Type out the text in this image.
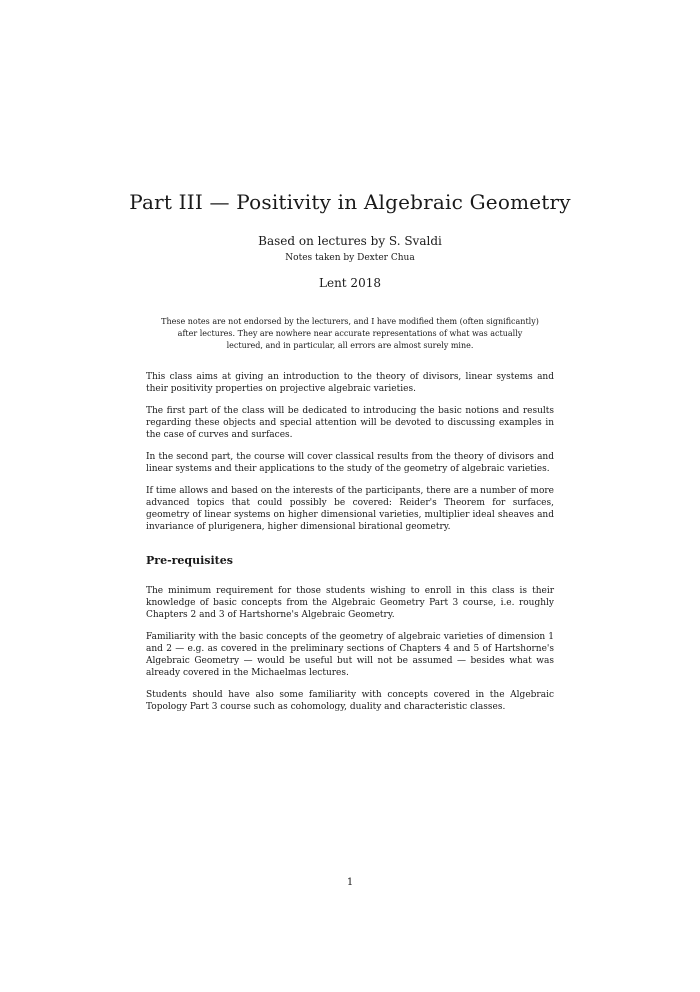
Part III — Positivity in Algebraic Geometry
Based on lectures by S. Svaldi
Notes taken by Dexter Chua
Lent 2018
These notes are not endorsed by the lecturers, and I have modified them (often significantly) after lectures. They are nowhere near accurate representations of what was actually lectured, and in particular, all errors are almost surely mine.

This class aims at giving an introduction to the theory of divisors, linear systems and their positivity properties on projective algebraic varieties.

The first part of the class will be dedicated to introducing the basic notions and results regarding these objects and special attention will be devoted to discussing examples in the case of curves and surfaces.

In the second part, the course will cover classical results from the theory of divisors and linear systems and their applications to the study of the geometry of algebraic varieties.

If time allows and based on the interests of the participants, there are a number of more advanced topics that could possibly be covered: Reider's Theorem for surfaces, geometry of linear systems on higher dimensional varieties, multiplier ideal sheaves and invariance of plurigenera, higher dimensional birational geometry.

Pre-requisites

The minimum requirement for those students wishing to enroll in this class is their knowledge of basic concepts from the Algebraic Geometry Part 3 course, i.e. roughly Chapters 2 and 3 of Hartshorne's Algebraic Geometry.

Familiarity with the basic concepts of the geometry of algebraic varieties of dimension 1 and 2 — e.g. as covered in the preliminary sections of Chapters 4 and 5 of Hartshorne's Algebraic Geometry — would be useful but will not be assumed — besides what was already covered in the Michaelmas lectures.

Students should have also some familiarity with concepts covered in the Algebraic Topology Part 3 course such as cohomology, duality and characteristic classes.

1
